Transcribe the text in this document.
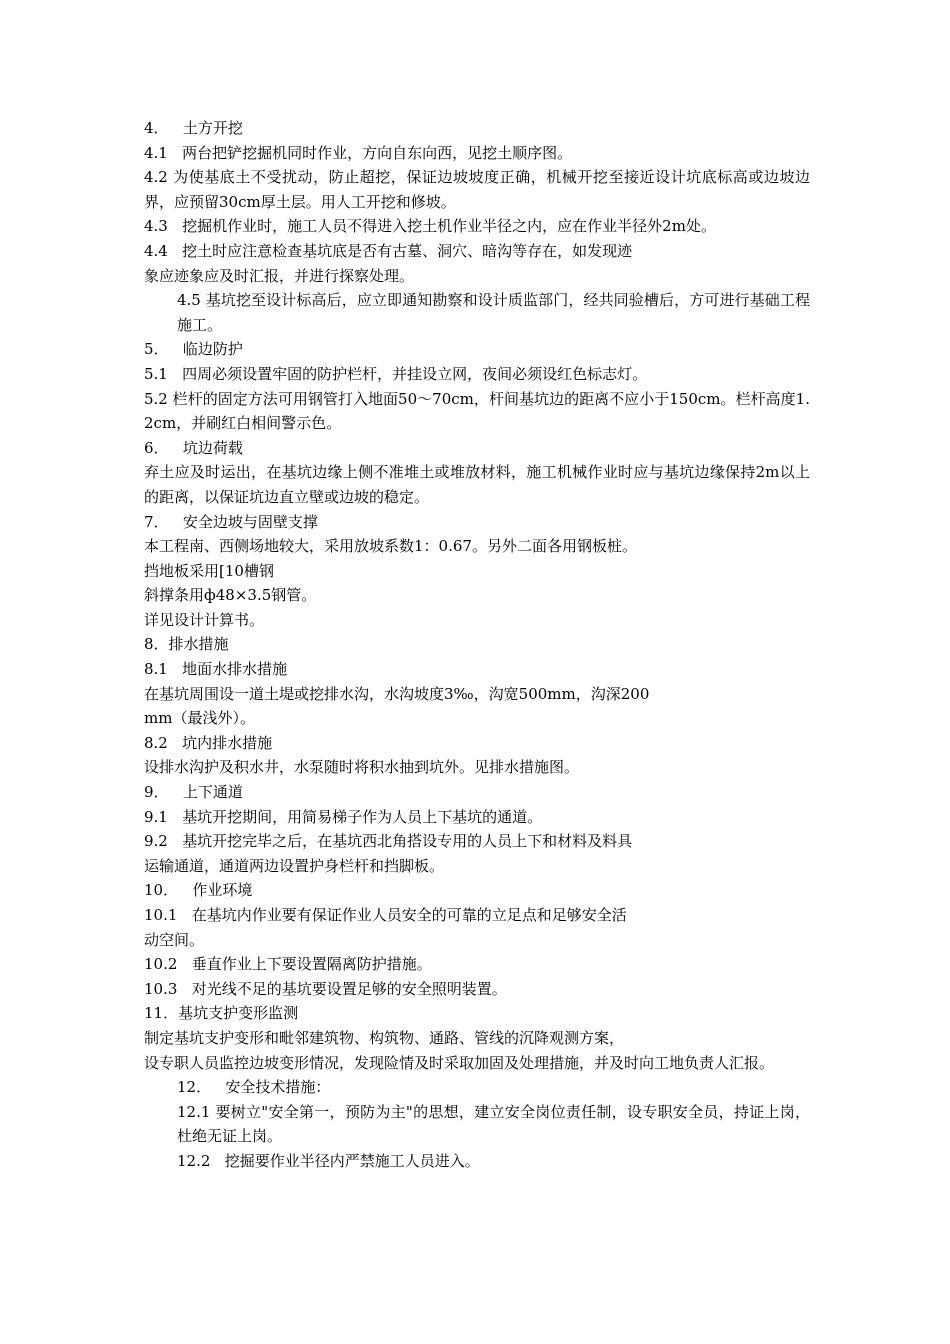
4．   土方开挖

4.1   两台把铲挖掘机同时作业，方向自东向西，见挖土顺序图。

4.2 为使基底土不受扰动，防止超挖，保证边坡坡度正确，机械开挖至接近设计坑底标高或边坡边界，应预留30cm厚土层。用人工开挖和修坡。

4.3   挖掘机作业时，施工人员不得进入挖土机作业半径之内，应在作业半径外2m处。

4.4   挖土时应注意检查基坑底是否有古墓、洞穴、暗沟等存在，如发现迹

象应迹象应及时汇报，并进行探察处理。

4.5 基坑挖至设计标高后，应立即通知勘察和设计质监部门，经共同验槽后，方可进行基础工程施工。

5．   临边防护

5.1   四周必须设置牢固的防护栏杆，并挂设立网，夜间必须设红色标志灯。

5.2 栏杆的固定方法可用钢管打入地面50～70cm，杆间基坑边的距离不应小于150cm。栏杆高度1.2cm，并刷红白相间警示色。

6．   坑边荷载

弃土应及时运出，在基坑边缘上侧不准堆土或堆放材料，施工机械作业时应与基坑边缘保持2m以上的距离，以保证坑边直立壁或边坡的稳定。

7．   安全边坡与固壁支撑

本工程南、西侧场地较大，采用放坡系数1：0.67。另外二面各用钢板桩。

挡地板采用[10槽钢

斜撑条用ф48×3.5钢管。

详见设计计算书。

8．排水措施

8.1   地面水排水措施

在基坑周围设一道土堤或挖排水沟，水沟坡度3‰，沟宽500mm，沟深200

mm（最浅外）。

8.2   坑内排水措施

设排水沟护及积水井，水泵随时将积水抽到坑外。见排水措施图。

9．   上下通道

9.1   基坑开挖期间，用简易梯子作为人员上下基坑的通道。

9.2   基坑开挖完毕之后，在基坑西北角搭设专用的人员上下和材料及料具

运输通道，通道两边设置护身栏杆和挡脚板。

10．   作业环境

10.1   在基坑内作业要有保证作业人员安全的可靠的立足点和足够安全活

动空间。

10.2   垂直作业上下要设置隔离防护措施。

10.3   对光线不足的基坑要设置足够的安全照明装置。

11．基坑支护变形监测

制定基坑支护变形和毗邻建筑物、构筑物、通路、管线的沉降观测方案，

设专职人员监控边坡变形情况，发现险情及时采取加固及处理措施，并及时向工地负责人汇报。

12．   安全技术措施：

12.1 要树立"安全第一，预防为主"的思想，建立安全岗位责任制，设专职安全员，持证上岗，杜绝无证上岗。

12.2   挖掘要作业半径内严禁施工人员进入。
